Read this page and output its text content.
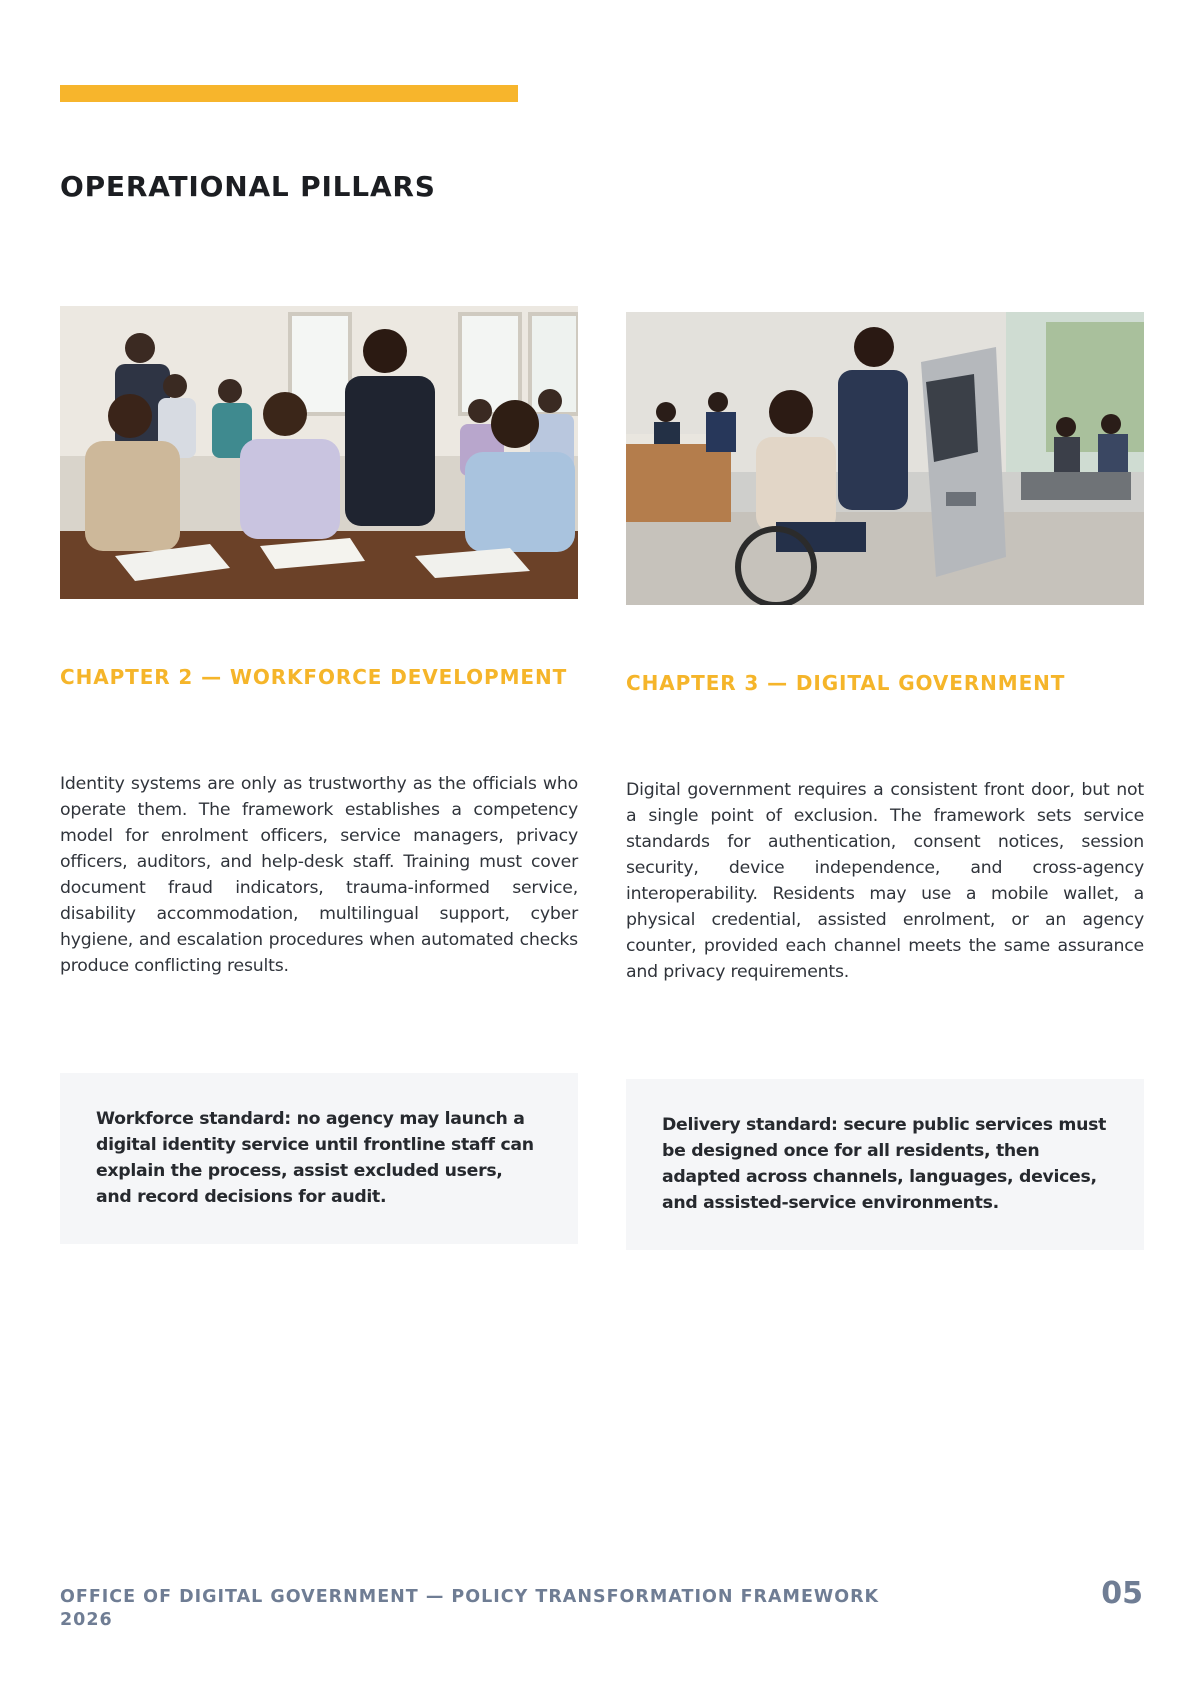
OPERATIONAL PILLARS
CHAPTER 2 — WORKFORCE DEVELOPMENT

Identity systems are only as trustworthy as the officials who operate them. The framework establishes a competency model for enrolment officers, service managers, privacy officers, auditors, and help-desk staff. Training must cover document fraud indicators, trauma-informed service, disability accommodation, multilingual support, cyber hygiene, and escalation procedures when automated checks produce conflicting results.

CHAPTER 3 — DIGITAL GOVERNMENT

Digital government requires a consistent front door, but not a single point of exclusion. The framework sets service standards for authentication, consent notices, session security, device independence, and cross-agency interoperability. Residents may use a mobile wallet, a physical credential, assisted enrolment, or an agency counter, provided each channel meets the same assurance and privacy requirements.

Workforce standard: no agency may launch a digital identity service until frontline staff can explain the process, assist excluded users, and record decisions for audit.

Delivery standard: secure public services must be designed once for all residents, then adapted across channels, languages, devices, and assisted-service environments.

OFFICE OF DIGITAL GOVERNMENT — POLICY TRANSFORMATION FRAMEWORK 2026
05
